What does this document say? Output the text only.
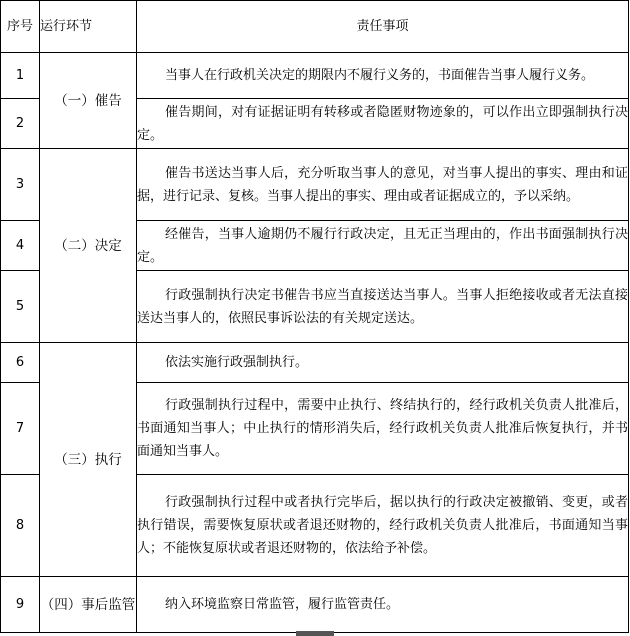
序号	运行环节	责任事项
1	（一）催告	当事人在行政机关决定的期限内不履行义务的，书面催告当事人履行义务。
2		催告期间，对有证据证明有转移或者隐匿财物迹象的，可以作出立即强制执行决定。
3	（二）决定	催告书送达当事人后，充分听取当事人的意见，对当事人提出的事实、理由和证据，进行记录、复核。当事人提出的事实、理由或者证据成立的，予以采纳。
4		经催告，当事人逾期仍不履行行政决定，且无正当理由的，作出书面强制执行决定。
5		行政强制执行决定书催告书应当直接送达当事人。当事人拒绝接收或者无法直接送达当事人的，依照民事诉讼法的有关规定送达。
6	（三）执行	依法实施行政强制执行。
7		行政强制执行过程中，需要中止执行、终结执行的，经行政机关负责人批准后，书面通知当事人；中止执行的情形消失后，经行政机关负责人批准后恢复执行，并书面通知当事人。
8		行政强制执行过程中或者执行完毕后，据以执行的行政决定被撤销、变更，或者执行错误，需要恢复原状或者退还财物的，经行政机关负责人批准后，书面通知当事人；不能恢复原状或者退还财物的，依法给予补偿。
9	（四）事后监管	纳入环境监察日常监管，履行监管责任。
